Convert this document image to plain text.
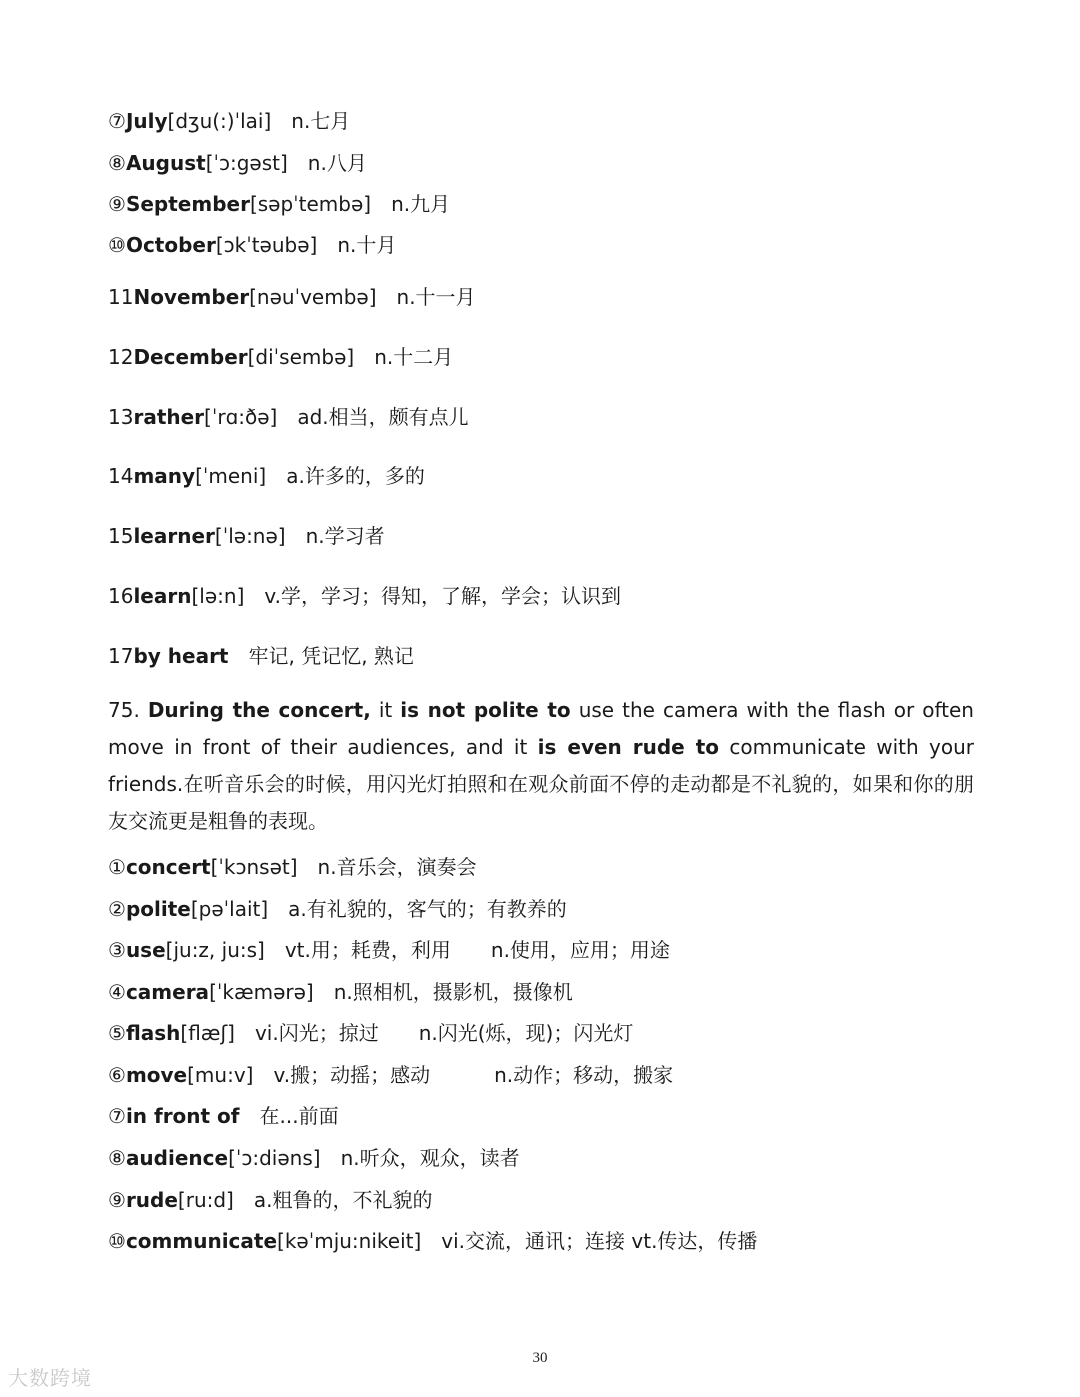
⑦July[dʒu(:)ˈlai] n.七月
⑧August[ˈɔ:gəst] n.八月
⑨September[səpˈtembə] n.九月
⑩October[ɔkˈtəubə] n.十月
11November[nəuˈvembə] n.十一月
12December[diˈsembə] n.十二月
13rather[ˈrɑ:ðə] ad.相当，颇有点儿
14many[ˈmeni] a.许多的，多的
15learner[ˈlə:nə] n.学习者
16learn[lə:n] v.学，学习；得知，了解，学会；认识到
17by heart 牢记, 凭记忆, 熟记
75. During the concert, it is not polite to use the camera with the flash or often move in front of their audiences, and it is even rude to communicate with your friends.在听音乐会的时候，用闪光灯拍照和在观众前面不停的走动都是不礼貌的，如果和你的朋友交流更是粗鲁的表现。
①concert[ˈkɔnsət] n.音乐会，演奏会
②polite[pəˈlait] a.有礼貌的，客气的；有教养的
③use[ju:z, ju:s] vt.用；耗费，利用 n.使用，应用；用途
④camera[ˈkæmərə] n.照相机，摄影机，摄像机
⑤flash[flæʃ] vi.闪光；掠过 n.闪光(烁，现)；闪光灯
⑥move[mu:v] v.搬；动摇；感动	n.动作；移动，搬家
⑦in front of 在...前面
⑧audience[ˈɔ:diəns] n.听众，观众，读者
⑨rude[ru:d] a.粗鲁的，不礼貌的
⑩communicate[kəˈmju:nikeit] vi.交流，通讯；连接 vt.传达，传播
30
大数跨境
